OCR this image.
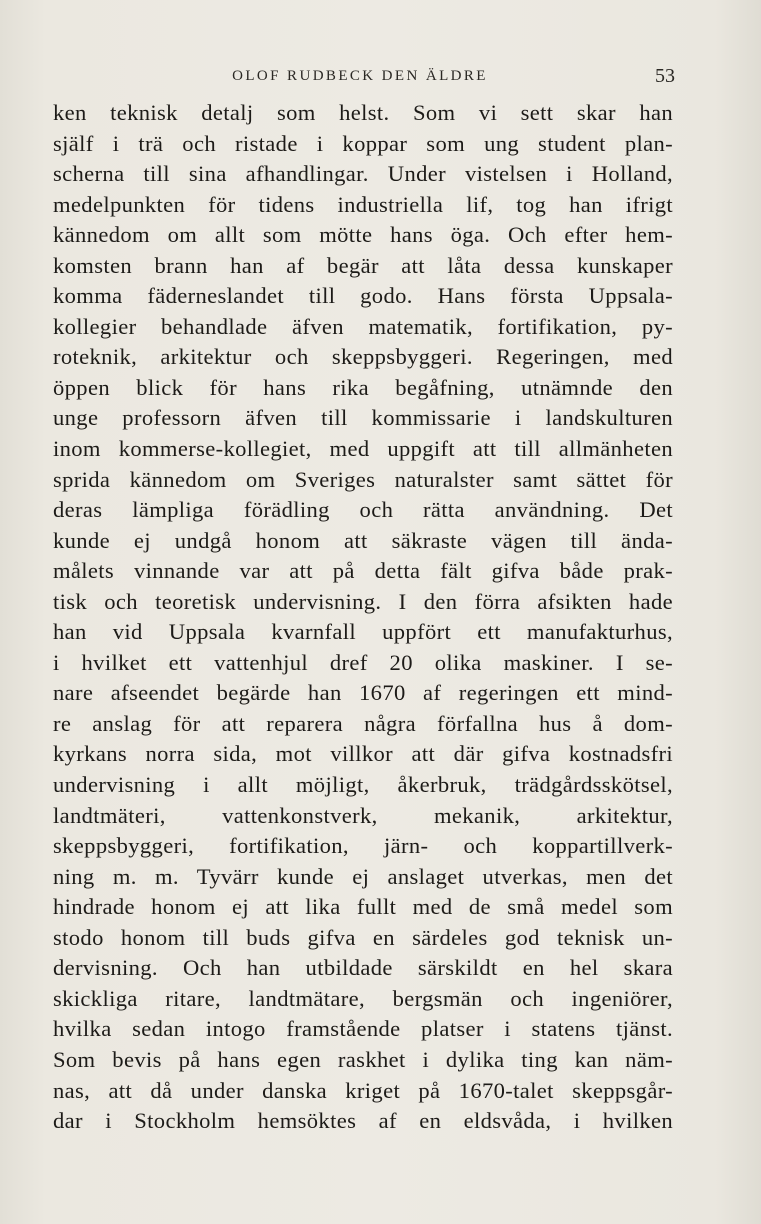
OLOF RUDBECK DEN ÄLDRE	53
ken teknisk detalj som helst. Som vi sett skar han
själf i trä och ristade i koppar som ung student plan-
scherna till sina afhandlingar. Under vistelsen i Holland,
medelpunkten för tidens industriella lif, tog han ifrigt
kännedom om allt som mötte hans öga. Och efter hem-
komsten brann han af begär att låta dessa kunskaper
komma fäderneslandet till godo. Hans första Uppsala-
kollegier behandlade äfven matematik, fortifikation, py-
roteknik, arkitektur och skeppsbyggeri. Regeringen, med
öppen blick för hans rika begåfning, utnämnde den
unge professorn äfven till kommissarie i landskulturen
inom kommerse-kollegiet, med uppgift att till allmänheten
sprida kännedom om Sveriges naturalster samt sättet för
deras lämpliga förädling och rätta användning. Det
kunde ej undgå honom att säkraste vägen till ända-
målets vinnande var att på detta fält gifva både prak-
tisk och teoretisk undervisning. I den förra afsikten hade
han vid Uppsala kvarnfall uppfört ett manufakturhus,
i hvilket ett vattenhjul dref 20 olika maskiner. I se-
nare afseendet begärde han 1670 af regeringen ett mind-
re anslag för att reparera några förfallna hus å dom-
kyrkans norra sida, mot villkor att där gifva kostnadsfri
undervisning i allt möjligt, åkerbruk, trädgårdsskötsel,
landtmäteri, vattenkonstverk, mekanik, arkitektur,
skeppsbyggeri, fortifikation, järn- och koppartillverk-
ning m. m. Tyvärr kunde ej anslaget utverkas, men det
hindrade honom ej att lika fullt med de små medel som
stodo honom till buds gifva en särdeles god teknisk un-
dervisning. Och han utbildade särskildt en hel skara
skickliga ritare, landtmätare, bergsmän och ingeniörer,
hvilka sedan intogo framstående platser i statens tjänst.
Som bevis på hans egen raskhet i dylika ting kan näm-
nas, att då under danska kriget på 1670-talet skeppsgår-
dar i Stockholm hemsöktes af en eldsvåda, i hvilken
